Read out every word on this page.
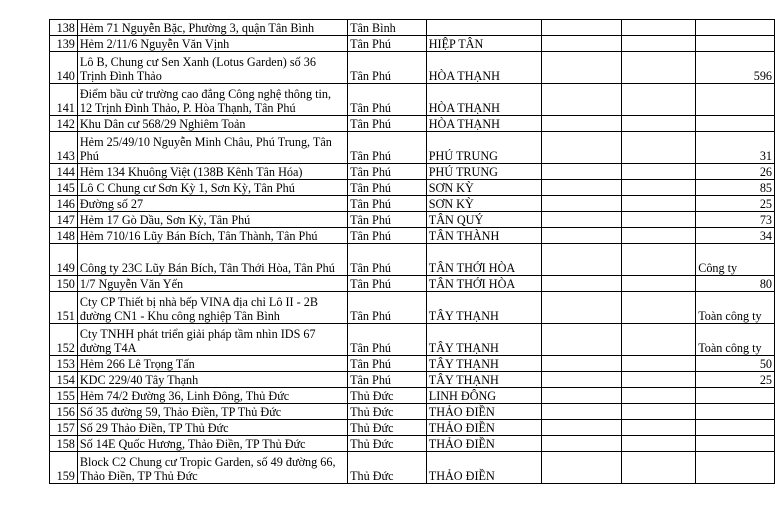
138	Hẻm 71 Nguyễn Bặc, Phường 3, quận Tân Bình	Tân Bình				
139	Hẻm 2/11/6 Nguyễn Văn Vịnh	Tân Phú	HIỆP TÂN			
140	Lô B, Chung cư Sen Xanh (Lotus Garden) số 36 Trịnh Đình Thảo	Tân Phú	HÒA THẠNH			596
141	Điểm bầu cử trường cao đẳng Công nghệ thông tin, 12 Trịnh Đình Thảo, P. Hòa Thạnh, Tân Phú	Tân Phú	HÒA THẠNH			
142	Khu Dân cư 568/29 Nghiêm Toản	Tân Phú	HÒA THẠNH			
143	Hẻm 25/49/10 Nguyễn Minh Châu, Phú Trung, Tân Phú	Tân Phú	PHÚ TRUNG			31
144	Hẻm 134 Khuông Việt (138B Kênh Tân Hóa)	Tân Phú	PHÚ TRUNG			26
145	Lô C Chung cư Sơn Kỳ 1, Sơn Kỳ, Tân Phú	Tân Phú	SƠN KỲ			85
146	Đường số 27	Tân Phú	SƠN KỲ			25
147	Hẻm 17 Gò Dầu, Sơn Kỳ, Tân Phú	Tân Phú	TÂN QUÝ			73
148	Hẻm 710/16 Lũy Bán Bích, Tân Thành, Tân Phú	Tân Phú	TÂN THÀNH			34
149	Công ty 23C Lũy Bán Bích, Tân Thới Hòa, Tân Phú	Tân Phú	TÂN THỚI HÒA			Công ty
150	1/7 Nguyễn Văn Yến	Tân Phú	TÂN THỚI HÒA			80
151	Cty CP Thiết bị nhà bếp VINA địa chỉ Lô II - 2B đường CN1 - Khu công nghiệp Tân Bình	Tân Phú	TÂY THẠNH			Toàn công ty
152	Cty TNHH phát triển giải pháp tầm nhìn IDS 67 đường T4A	Tân Phú	TÂY THẠNH			Toàn công ty
153	Hẻm 266 Lê Trọng Tấn	Tân Phú	TÂY THẠNH			50
154	KDC 229/40 Tây Thạnh	Tân Phú	TÂY THẠNH			25
155	Hẻm 74/2 Đường 36, Linh Đông, Thủ Đức	Thủ Đức	LINH ĐÔNG			
156	Số 35 đường 59, Thảo Điền, TP Thủ Đức	Thủ Đức	THẢO ĐIỀN			
157	Số 29 Thảo Điền, TP Thủ Đức	Thủ Đức	THẢO ĐIỀN			
158	Số 14E Quốc Hương, Thảo Điền, TP Thủ Đức	Thủ Đức	THẢO ĐIỀN			
159	Block C2 Chung cư Tropic Garden, số 49 đường 66, Thảo Điền, TP Thủ Đức	Thủ Đức	THẢO ĐIỀN			
